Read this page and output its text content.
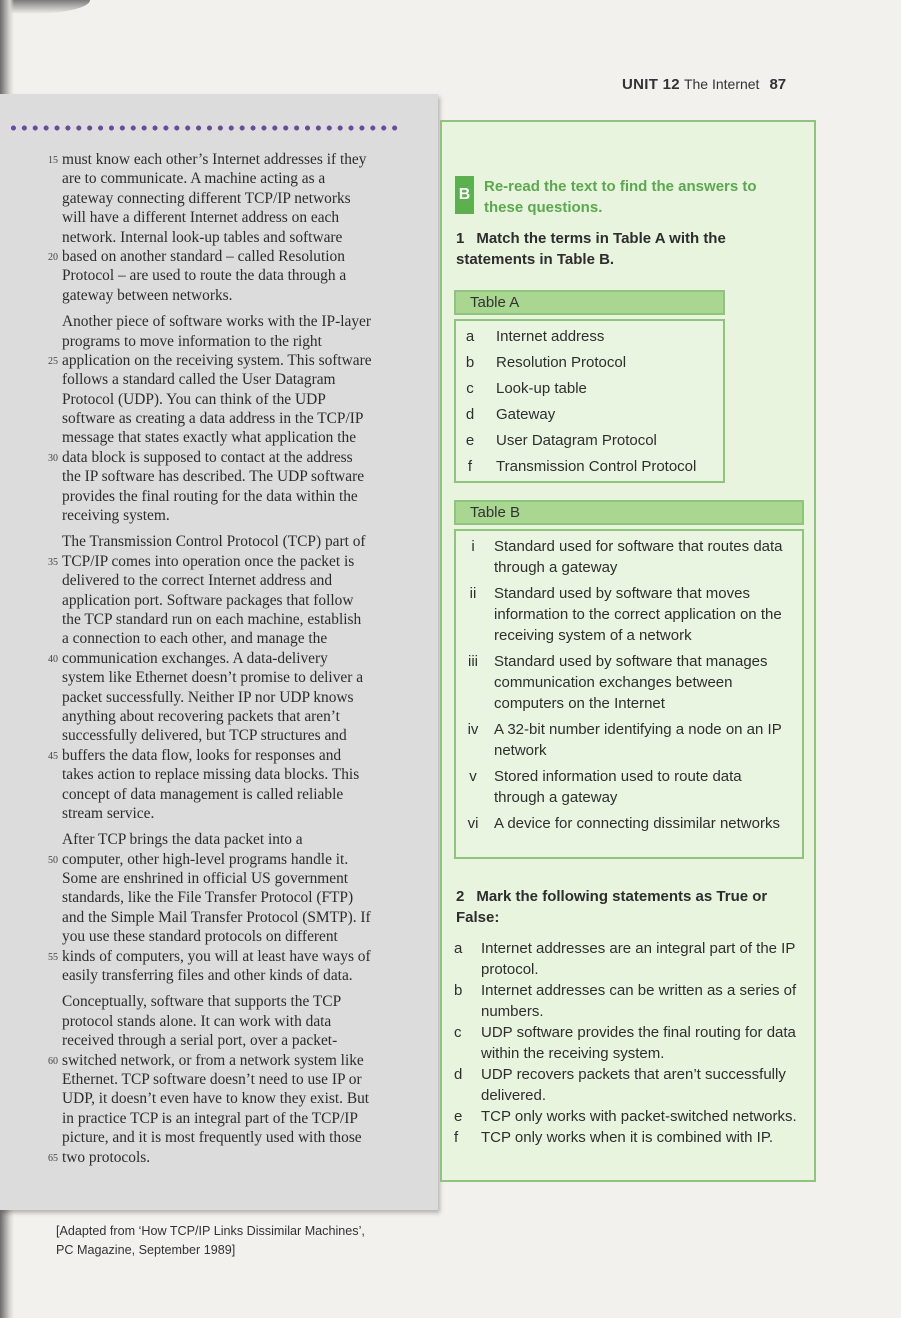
UNIT 12 The Internet 87
15 must know each other’s Internet addresses if they
are to communicate. A machine acting as a
gateway connecting different TCP/IP networks
will have a different Internet address on each
network. Internal look-up tables and software
20 based on another standard – called Resolution
Protocol – are used to route the data through a
gateway between networks.
Another piece of software works with the IP-layer
programs to move information to the right
25 application on the receiving system. This software
follows a standard called the User Datagram
Protocol (UDP). You can think of the UDP
software as creating a data address in the TCP/IP
message that states exactly what application the
30 data block is supposed to contact at the address
the IP software has described. The UDP software
provides the final routing for the data within the
receiving system.
The Transmission Control Protocol (TCP) part of
35 TCP/IP comes into operation once the packet is
delivered to the correct Internet address and
application port. Software packages that follow
the TCP standard run on each machine, establish
a connection to each other, and manage the
40 communication exchanges. A data-delivery
system like Ethernet doesn’t promise to deliver a
packet successfully. Neither IP nor UDP knows
anything about recovering packets that aren’t
successfully delivered, but TCP structures and
45 buffers the data flow, looks for responses and
takes action to replace missing data blocks. This
concept of data management is called reliable
stream service.
After TCP brings the data packet into a
50 computer, other high-level programs handle it.
Some are enshrined in official US government
standards, like the File Transfer Protocol (FTP)
and the Simple Mail Transfer Protocol (SMTP). If
you use these standard protocols on different
55 kinds of computers, you will at least have ways of
easily transferring files and other kinds of data.
Conceptually, software that supports the TCP
protocol stands alone. It can work with data
received through a serial port, over a packet-
60 switched network, or from a network system like
Ethernet. TCP software doesn’t need to use IP or
UDP, it doesn’t even have to know they exist. But
in practice TCP is an integral part of the TCP/IP
picture, and it is most frequently used with those
65 two protocols.
[Adapted from ‘How TCP/IP Links Dissimilar Machines’,
PC Magazine, September 1989]
B Re-read the text to find the answers to
these questions.
1 Match the terms in Table A with the
statements in Table B.
Table A
a	Internet address
b	Resolution Protocol
c	Look-up table
d	Gateway
e	User Datagram Protocol
f	Transmission Control Protocol
Table B
i	Standard used for software that routes data through a gateway
ii	Standard used by software that moves information to the correct application on the receiving system of a network
iii	Standard used by software that manages communication exchanges between computers on the Internet
iv	A 32-bit number identifying a node on an IP network
v	Stored information used to route data through a gateway
vi	A device for connecting dissimilar networks
2 Mark the following statements as True or
False:
a Internet addresses are an integral part of the IP protocol.
b Internet addresses can be written as a series of numbers.
c	UDP software provides the final routing for data within the receiving system.
d UDP recovers packets that aren’t successfully delivered.
e TCP only works with packet-switched networks.
f	TCP only works when it is combined with IP.
